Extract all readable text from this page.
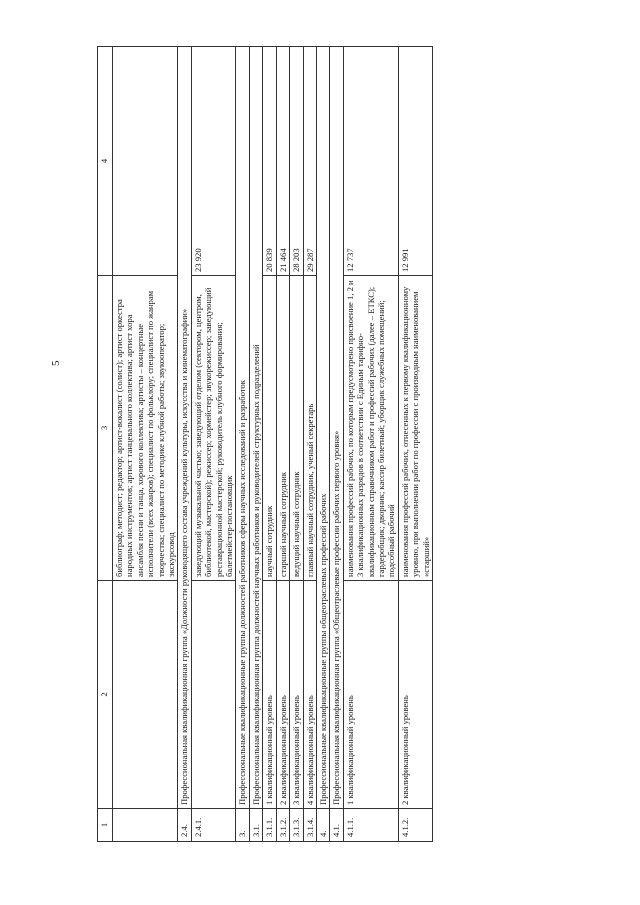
5
1	2	3	4
		библиограф; методист; редактор; артист-вокалист (солист); артист оркестра народных инструментов; артист танцевального коллектива; артист хора ансамбля песни и танца, хорового коллектива; артисты – концертные исполнители (всех жанров); специалист по фольклору; специалист по жанрам творчества; специалист по методике клубной работы; звукооператор; экскурсовод	
2.4.	Профессиональная квалификационная группа «Должности руководящего состава учреждений культуры, искусства и кинематографии»		
2.4.1.		заведующий музыкальной частью; заведующий отделом (сектором, центром, библиотекой, мастерской); режиссер; хормейстер; звукорежиссер; заведующий реставрационной мастерской; руководитель клубного формирования; балетмейстер-постановщик	23 920
3.	Профессиональные квалификационные группы должностей работников сферы научных исследований и разработок		
3.1.	Профессиональная квалификационная группа должностей научных работников и руководителей структурных подразделений		
3.1.1.	1 квалификационный уровень	научный сотрудник	20 839
3.1.2.	2 квалификационный уровень	старший научный сотрудник	21 464
3.1.3.	3 квалификационный уровень	ведущий научный сотрудник	28 203
3.1.4.	4 квалификационный уровень	главный научный сотрудник, ученый секретарь	29 287
4.	Профессиональные квалификационные группы общеотраслевых профессий рабочих		
4.1.	Профессиональная квалификационная группа «Общеотраслевые профессии рабочих первого уровня»		
4.1.1.	1 квалификационный уровень	наименования профессий рабочих, по которым предусмотрено присвоение 1, 2 и 3 квалификационных разрядов в соответствии с Единым тарифно-квалификационным справочником работ и профессий рабочих (далее – ЕТКС); гардеробщик; дворник; кассир билетный; уборщик служебных помещений; подсобный рабочий	12 737
4.1.2.	2 квалификационный уровень	наименования профессий рабочих, отнесенных к первому квалификационному уровню, при выполнении работ по профессии с производным наименованием «старший»	12 991
